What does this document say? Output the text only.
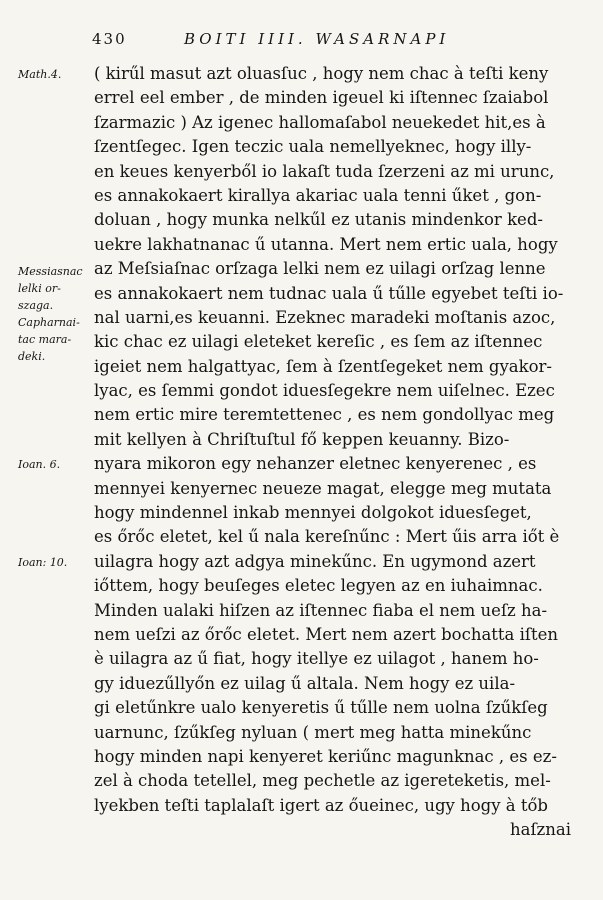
430	BOITI IIII. WASARNAPI
Math.4.
Messiasnac
lelki or-
szaga.
Capharnai-
tac mara-
deki.
Ioan. 6.
Ioan: 10.
( kirűl masut azt oluasſuc , hogy nem chac à teſti keny
errel eel ember , de minden igeuel ki iſtennec ſzaiabol
ſzarmazic ) Az igenec hallomaſabol neuekedet hit,es à
ſzentſegec. Igen teczic uala nemellyeknec, hogy illy-
en keues kenyerből io lakaſt tuda ſzerzeni az mi urunc,
es annakokaert kirallya akariac uala tenni űket , gon-
doluan , hogy munka nelkűl ez utanis mindenkor ked-
uekre lakhatnanac ű utanna. Mert nem ertic uala, hogy
az Meſsiaſnac orſzaga lelki nem ez uilagi orſzag lenne
es annakokaert nem tudnac uala ű tűlle egyebet teſti io-
nal uarni,es keuanni. Ezeknec maradeki moſtanis azoc,
kic chac ez uilagi eleteket kereſic , es ſem az iſtennec
igeiet nem halgattyac, ſem à ſzentſegeket nem gyakor-
lyac, es ſemmi gondot iduesſegekre nem uiſelnec. Ezec
nem ertic mire teremtettenec , es nem gondollyac meg
mit kellyen à Chriſtuſtul fő keppen keuanny. Bizo-
nyara mikoron egy nehanzer eletnec kenyerenec , es
mennyei kenyernec neueze magat, elegge meg mutata
hogy mindennel inkab mennyei dolgokot iduesſeget,
es őrőc eletet, kel ű nala kereſnűnc : Mert űis arra iőt è
uilagra hogy azt adgya minekűnc. En ugymond azert
iőttem, hogy beuſeges eletec legyen az en iuhaimnac.
Minden ualaki hiſzen az iſtennec fiaba el nem ueſz ha-
nem ueſzi az őrőc eletet. Mert nem azert bochatta iſten
è uilagra az ű fiat, hogy itellye ez uilagot , hanem ho-
gy iduezűllyőn ez uilag ű altala. Nem hogy ez uila-
gi eletűnkre ualo kenyeretis ű tűlle nem uolna ſzűkſeg
uarnunc, ſzűkſeg nyluan ( mert meg hatta minekűnc
hogy minden napi kenyeret keriűnc magunknac , es ez-
zel à choda tetellel, meg pechetle az igereteketis, mel-
lyekben teſti taplalaſt igert az őueinec, ugy hogy à tőb
haſznai
